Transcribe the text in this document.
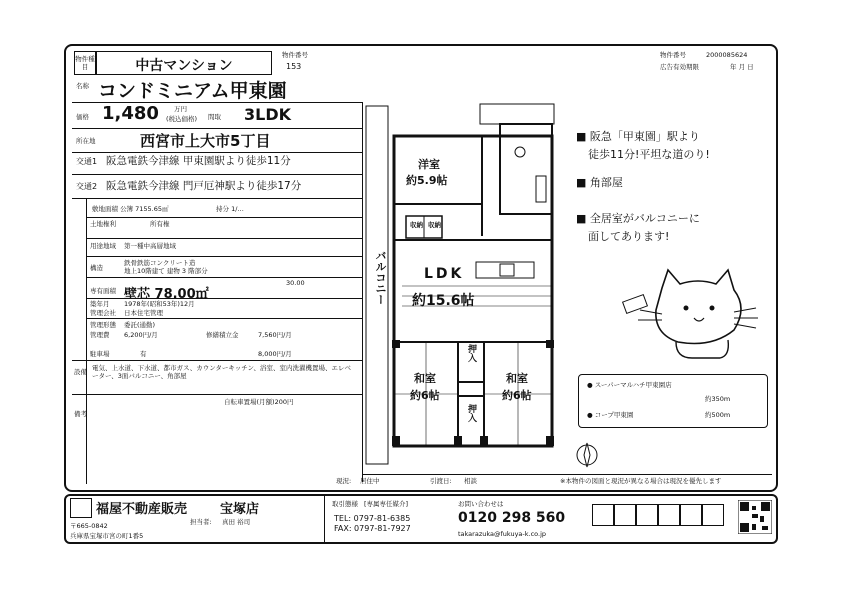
物件種目	中古マンション
物件番号
153
物件番号	2000085624
広告有効期限	年 月 日
名称 コンドミニアム甲東園
価格 1,480 万円
(税込価格) 間取 3LDK
所在地	西宮市上大市5丁目
交通1 阪急電鉄今津線 甲東園駅より徒歩11分
交通2 阪急電鉄今津線 門戸厄神駅より徒歩17分
敷地面積 公簿 7155.65㎡	持分 1/…
土地権利	所有権
用途地域 第一種中高層地域
構造
鉄骨鉄筋コンクリート造
地上10階建て 建物 3 階部分
30.00
専有面積 壁芯 78.00㎡
築年月 1978年(昭和53年)12月
管理会社 日本住宅管理
管理形態 委託(通勤)
管理費 6,200円/月	修繕積立金	7,560円/月
駐車場	有	8,000円/月
設備 電気、上水道、下水道、都市ガス、カウンターキッチン、浴室、室内洗濯機置場、エレベーター、3面バルコニー、角部屋
備考
自転車置場(月額)200円
バルコニー
洋室
約5.9帖
収納 収納
LDK
約15.6帖
和室
約6帖
和室
約6帖
押入
押入
現況: 居住中	引渡日: 相談	※本物件の図面と現況が異なる場合は現況を優先します
■ 阪急「甲東園」駅より
徒歩11分!平坦な道のり!
■ 角部屋
■ 全居室がバルコニーに
面してあります!
● スーパーマルハチ甲東園店
約350m
● コープ甲東園	約500m
福屋不動産販売	宝塚店
担当者: 真田 裕司
〒665-0842
兵庫県宝塚市宮の町1番5
取引態様 [専属専任媒介]
TEL: 0797-81-6385
FAX: 0797-81-7927
takarazuka@fukuya-k.co.jp
お問い合わせは
0120 298 560
